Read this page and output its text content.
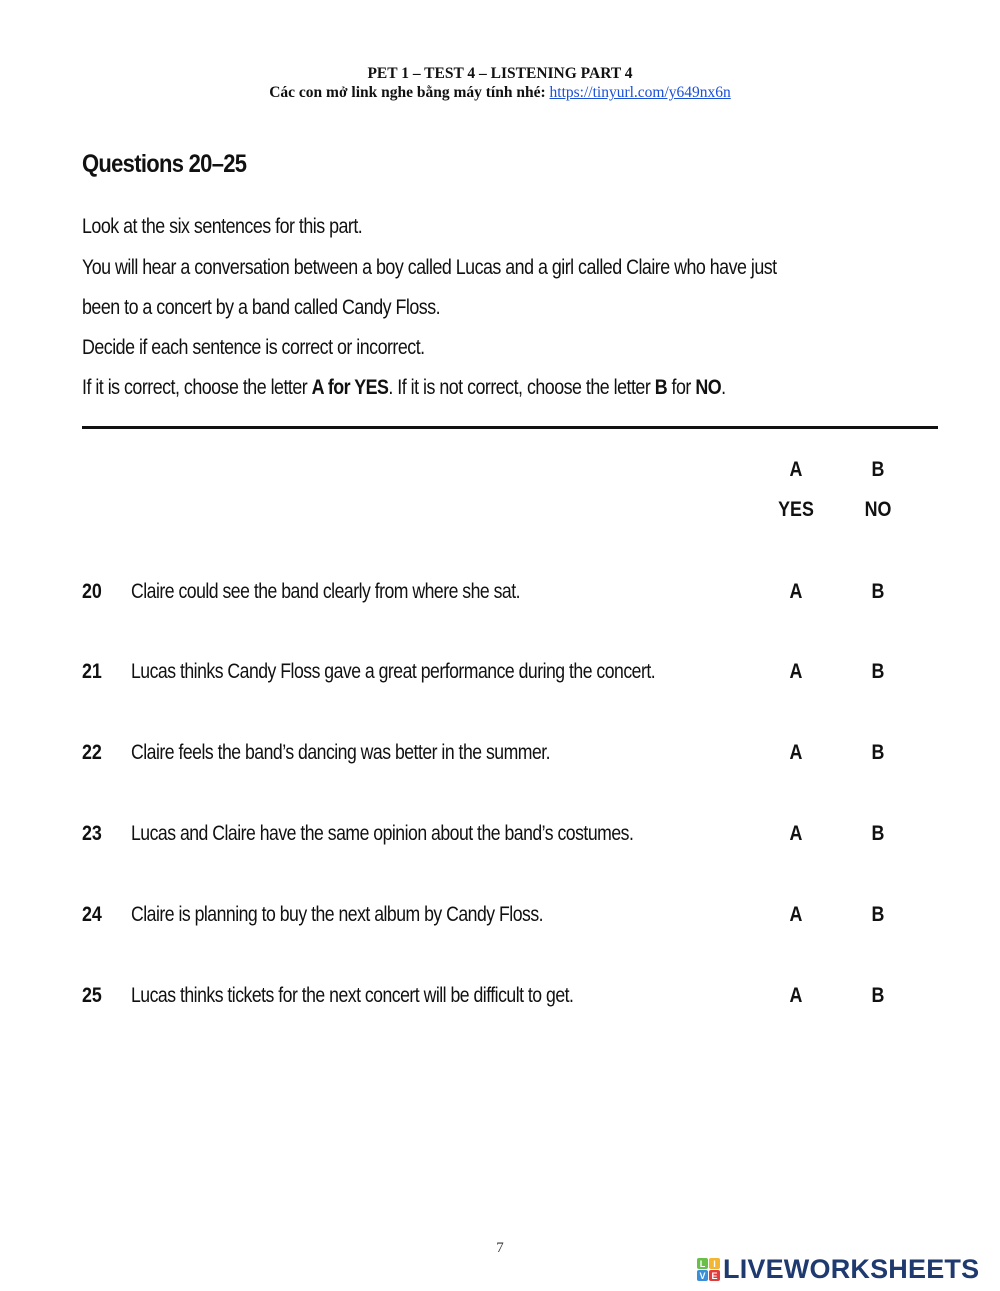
PET 1 – TEST 4 – LISTENING PART 4
Các con mở link nghe bằng máy tính nhé: https://tinyurl.com/y649nx6n
Questions 20–25
Look at the six sentences for this part.
You will hear a conversation between a boy called Lucas and a girl called Claire who have just
been to a concert by a band called Candy Floss.
Decide if each sentence is correct or incorrect.
If it is correct, choose the letter A for YES. If it is not correct, choose the letter B for NO.
A
YES
B
NO
20 Claire could see the band clearly from where she sat.	A	B
21 Lucas thinks Candy Floss gave a great performance during the concert.	A	B
22 Claire feels the band’s dancing was better in the summer.	A	B
23 Lucas and Claire have the same opinion about the band’s costumes.	A	B
24 Claire is planning to buy the next album by Candy Floss.	A	B
25 Lucas thinks tickets for the next concert will be difficult to get.	A	B
7
L I
V E LIVEWORKSHEETS
